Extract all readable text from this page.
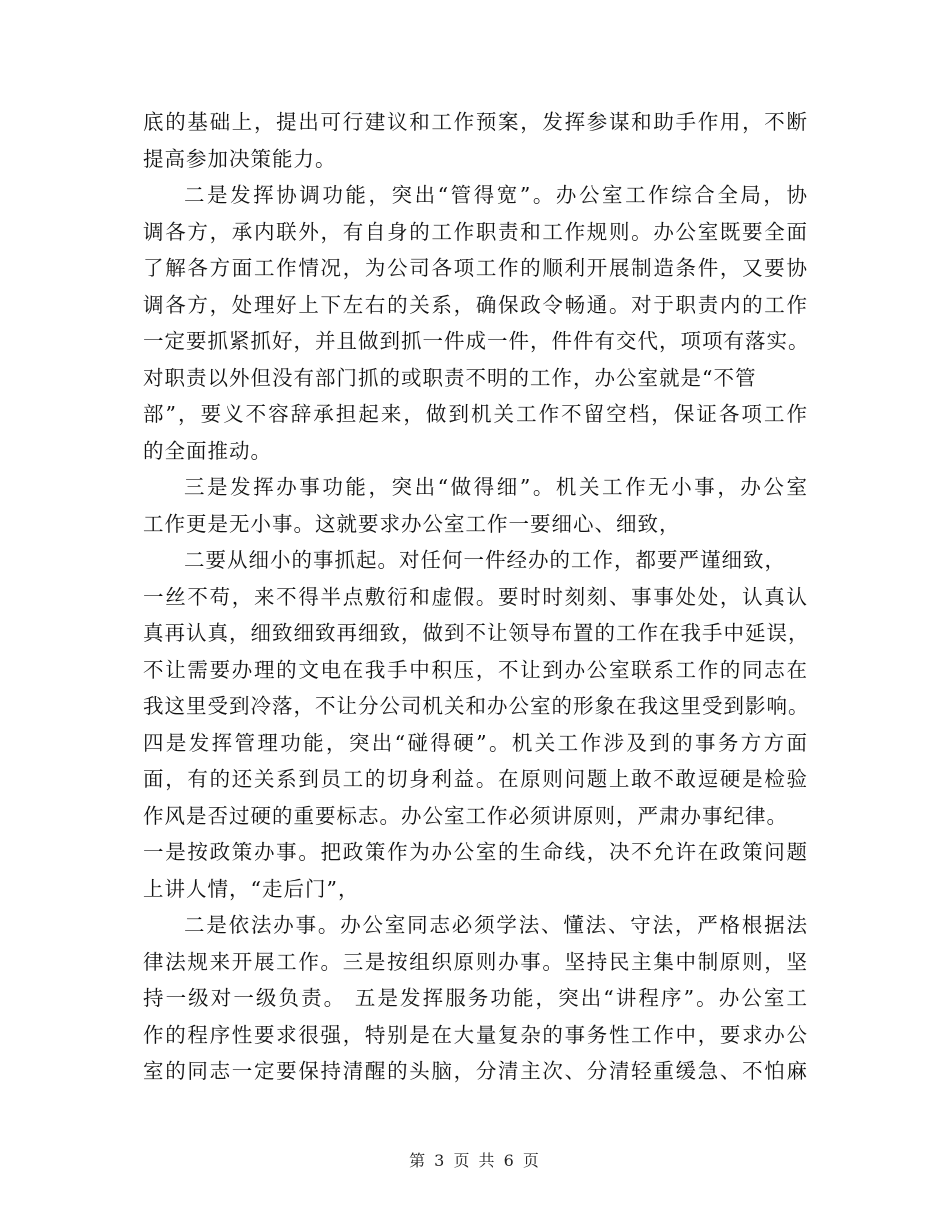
底的基础上，提出可行建议和工作预案，发挥参谋和助手作用，不断
提高参加决策能力。
二是发挥协调功能，突出“管得宽”。办公室工作综合全局，协
调各方，承内联外，有自身的工作职责和工作规则。办公室既要全面
了解各方面工作情况，为公司各项工作的顺利开展制造条件，又要协
调各方，处理好上下左右的关系，确保政令畅通。对于职责内的工作
一定要抓紧抓好，并且做到抓一件成一件，件件有交代，项项有落实。
对职责以外但没有部门抓的或职责不明的工作，办公室就是“不管
部”，要义不容辞承担起来，做到机关工作不留空档，保证各项工作
的全面推动。
三是发挥办事功能，突出“做得细”。机关工作无小事，办公室
工作更是无小事。这就要求办公室工作一要细心、细致，
二要从细小的事抓起。对任何一件经办的工作，都要严谨细致，
一丝不苟，来不得半点敷衍和虚假。要时时刻刻、事事处处，认真认
真再认真，细致细致再细致，做到不让领导布置的工作在我手中延误，
不让需要办理的文电在我手中积压，不让到办公室联系工作的同志在
我这里受到冷落，不让分公司机关和办公室的形象在我这里受到影响。
四是发挥管理功能，突出“碰得硬”。机关工作涉及到的事务方方面
面，有的还关系到员工的切身利益。在原则问题上敢不敢逗硬是检验
作风是否过硬的重要标志。办公室工作必须讲原则，严肃办事纪律。
一是按政策办事。把政策作为办公室的生命线，决不允许在政策问题
上讲人情，“走后门”，
二是依法办事。办公室同志必须学法、懂法、守法，严格根据法
律法规来开展工作。三是按组织原则办事。坚持民主集中制原则，坚
持一级对一级负责。 五是发挥服务功能，突出“讲程序”。办公室工
作的程序性要求很强，特别是在大量复杂的事务性工作中，要求办公
室的同志一定要保持清醒的头脑，分清主次、分清轻重缓急、不怕麻
第 3 页 共 6 页
